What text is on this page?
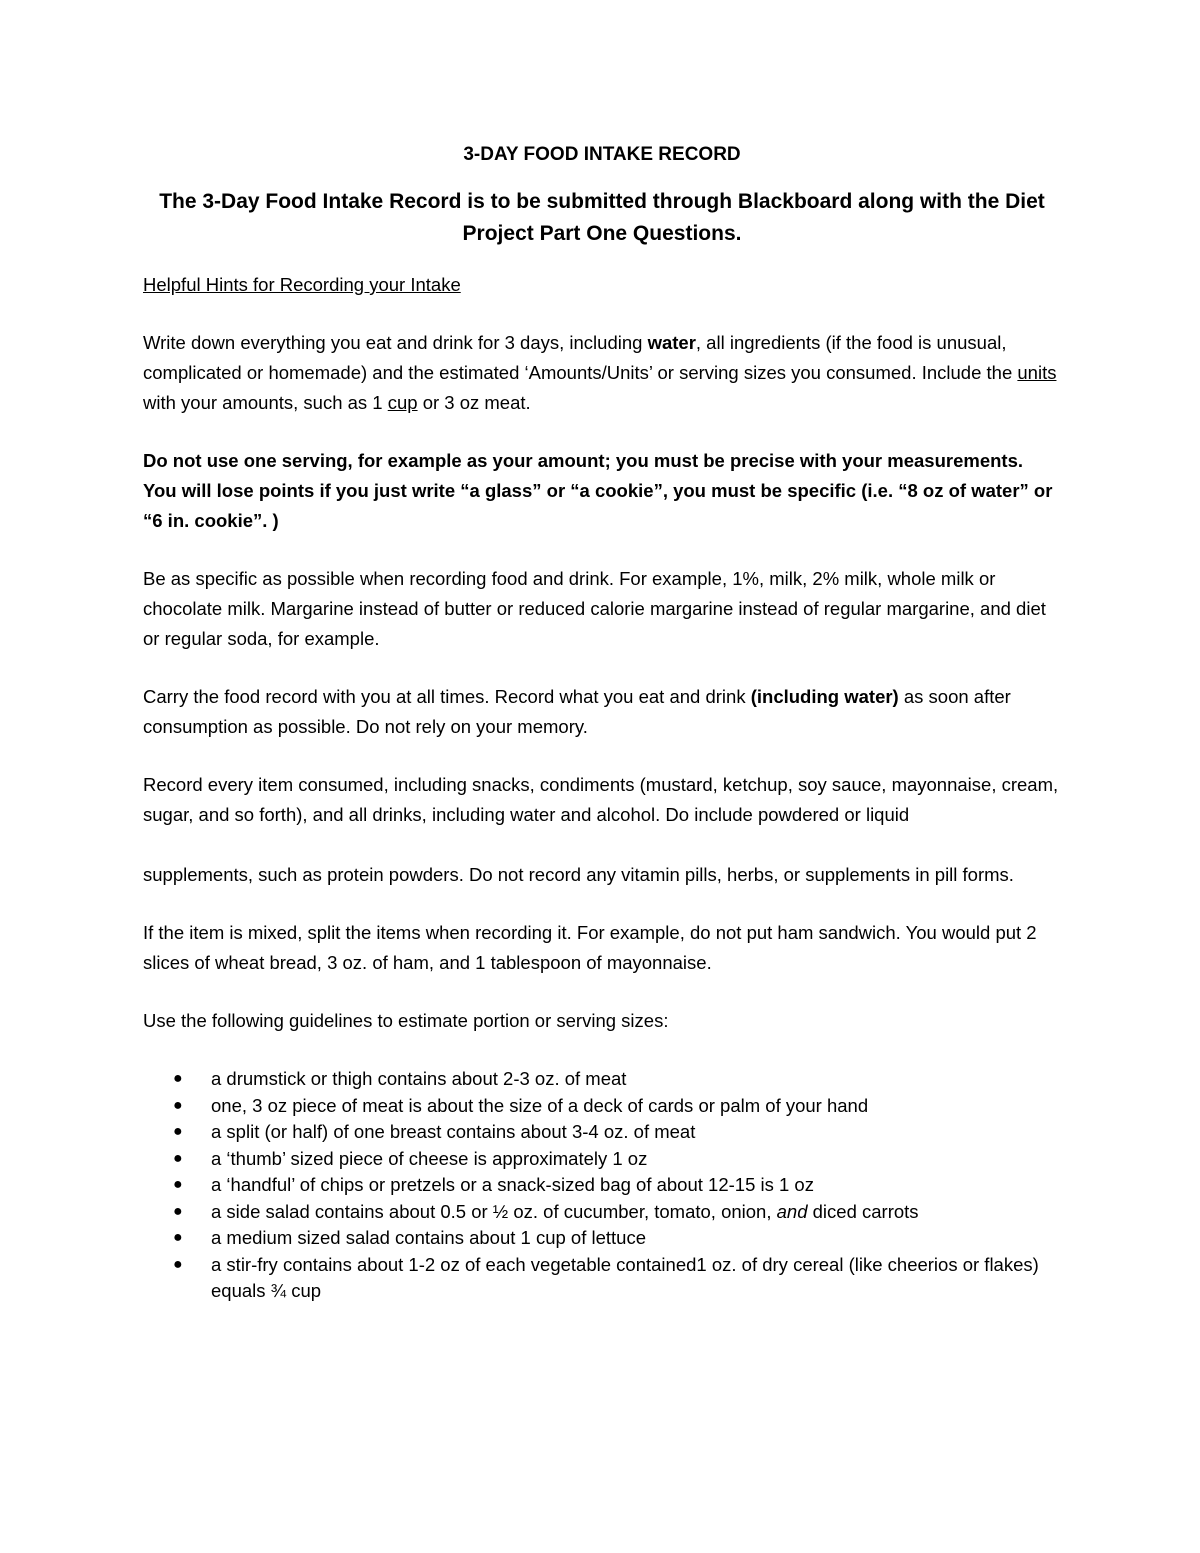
3-DAY FOOD INTAKE RECORD
The 3-Day Food Intake Record is to be submitted through Blackboard along with the Diet Project Part One Questions.

Helpful Hints for Recording your Intake

Write down everything you eat and drink for 3 days, including water, all ingredients (if the food is unusual, complicated or homemade) and the estimated ‘Amounts/Units’ or serving sizes you consumed. Include the units with your amounts, such as 1 cup or 3 oz meat.

Do not use one serving, for example as your amount; you must be precise with your measurements. You will lose points if you just write “a glass” or “a cookie”, you must be specific (i.e. “8 oz of water” or “6 in. cookie”. )

Be as specific as possible when recording food and drink. For example, 1%, milk, 2% milk, whole milk or chocolate milk. Margarine instead of butter or reduced calorie margarine instead of regular margarine, and diet or regular soda, for example.

Carry the food record with you at all times. Record what you eat and drink (including water) as soon after consumption as possible. Do not rely on your memory.

Record every item consumed, including snacks, condiments (mustard, ketchup, soy sauce, mayonnaise, cream, sugar, and so forth), and all drinks, including water and alcohol. Do include powdered or liquid

supplements, such as protein powders. Do not record any vitamin pills, herbs, or supplements in pill forms.

If the item is mixed, split the items when recording it. For example, do not put ham sandwich. You would put 2 slices of wheat bread, 3 oz. of ham, and 1 tablespoon of mayonnaise.

Use the following guidelines to estimate portion or serving sizes:

● a drumstick or thigh contains about 2-3 oz. of meat
● one, 3 oz piece of meat is about the size of a deck of cards or palm of your hand
● a split (or half) of one breast contains about 3-4 oz. of meat
● a ‘thumb’ sized piece of cheese is approximately 1 oz
● a ‘handful’ of chips or pretzels or a snack-sized bag of about 12-15 is 1 oz
● a side salad contains about 0.5 or ½ oz. of cucumber, tomato, onion, and diced carrots
● a medium sized salad contains about 1 cup of lettuce
● a stir-fry contains about 1-2 oz of each vegetable contained1 oz. of dry cereal (like cheerios or flakes) equals ¾ cup
